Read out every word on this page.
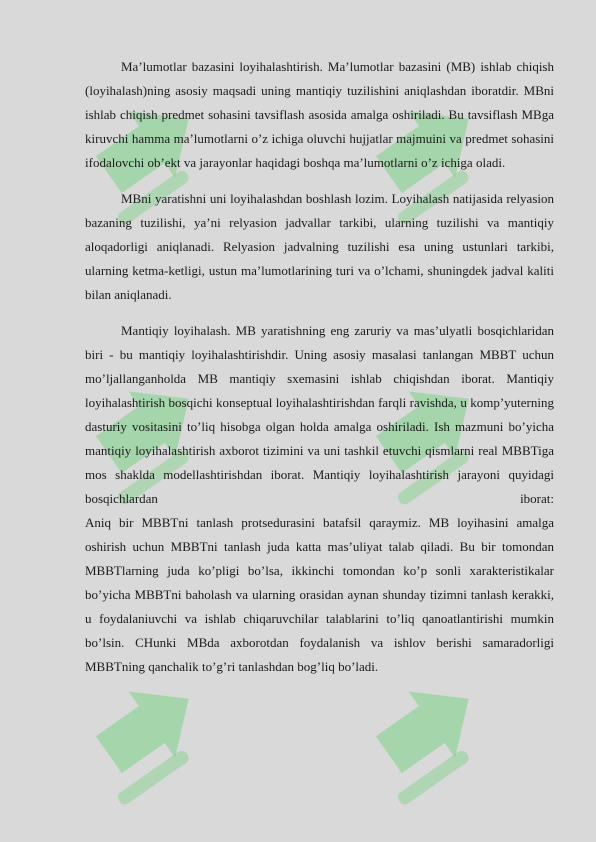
Ma’lumotlar bazasini loyihalashtirish. Ma’lumotlar bazasini (MB) ishlab chiqish (loyihalash)ning asosiy maqsadi uning mantiqiy tuzilishini aniqlashdan iboratdir. MBni ishlab chiqish predmet sohasini tavsiflash asosida amalga oshiriladi. Bu tavsiflash MBga kiruvchi hamma ma’lumotlarni o’z ichiga oluvchi hujjatlar majmuini va predmet sohasini ifodalovchi ob’ekt va jarayonlar haqidagi boshqa ma’lumotlarni o’z ichiga oladi.

MBni yaratishni uni loyihalashdan boshlash lozim. Loyihalash natijasida relyasion bazaning tuzilishi, ya’ni relyasion jadvallar tarkibi, ularning tuzilishi va mantiqiy aloqadorligi aniqlanadi. Relyasion jadvalning tuzilishi esa uning ustunlari tarkibi, ularning ketma-ketligi, ustun ma’lumotlarining turi va o’lchami, shuningdek jadval kaliti bilan aniqlanadi.

Mantiqiy loyihalash. MB yaratishning eng zaruriy va mas’ulyatli bosqichlaridan biri - bu mantiqiy loyihalashtirishdir. Uning asosiy masalasi tanlangan MBBT uchun mo’ljallanganholda MB mantiqiy sxemasini ishlab chiqishdan iborat. Mantiqiy loyihalashtirish bosqichi konseptual loyihalashtirishdan farqli ravishda, u komp’yuterning dasturiy vositasini to’liq hisobga olgan holda amalga oshiriladi. Ish mazmuni bo’yicha mantiqiy loyihalashtirish axborot tizimini va uni tashkil etuvchi qismlarni real MBBTiga mos shaklda modellashtirishdan iborat. Mantiqiy loyihalashtirish jarayoni quyidagi bosqichlardan iborat:

Aniq bir MBBTni tanlash protsedurasini batafsil qaraymiz. MB loyihasini amalga oshirish uchun MBBTni tanlash juda katta mas’uliyat talab qiladi. Bu bir tomondan MBBTlarning juda ko’pligi bo’lsa, ikkinchi tomondan ko’p sonli xarakteristikalar bo’yicha MBBTni baholash va ularning orasidan aynan shunday tizimni tanlash kerakki, u foydalaniuvchi va ishlab chiqaruvchilar talablarini to’liq qanoatlantirishi mumkin bo’lsin. CHunki MBda axborotdan foydalanish va ishlov berishi samaradorligi MBBTning qanchalik to’g’ri tanlashdan bog’liq bo’ladi.
